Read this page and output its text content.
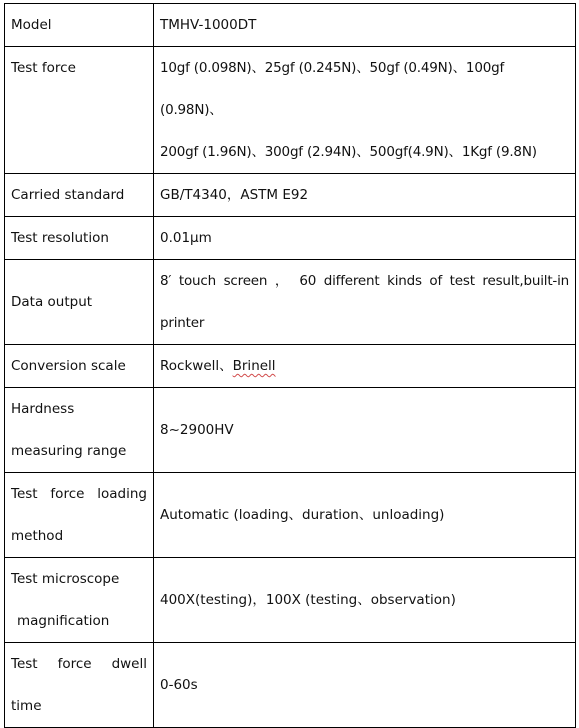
Model	TMHV-1000DT
Test force	10gf (0.098N)、25gf (0.245N)、50gf (0.49N)、100gf (0.98N)、
200gf (1.96N)、300gf (2.94N)、500gf(4.9N)、1Kgf (9.8N)

Carried standard	GB/T4340，ASTM E92
Test resolution	0.01μm
Data output	8′ touch screen ， 60 different kinds of test result,built-in
printer

Conversion scale	Rockwell、Brinell

Hardness
measuring range	8~2900HV

Test force loading
method	Automatic (loading、duration、unloading)

Test microscope
magnification	400X(testing)，100X (testing、observation)

Test force dwell
time	0-60s
